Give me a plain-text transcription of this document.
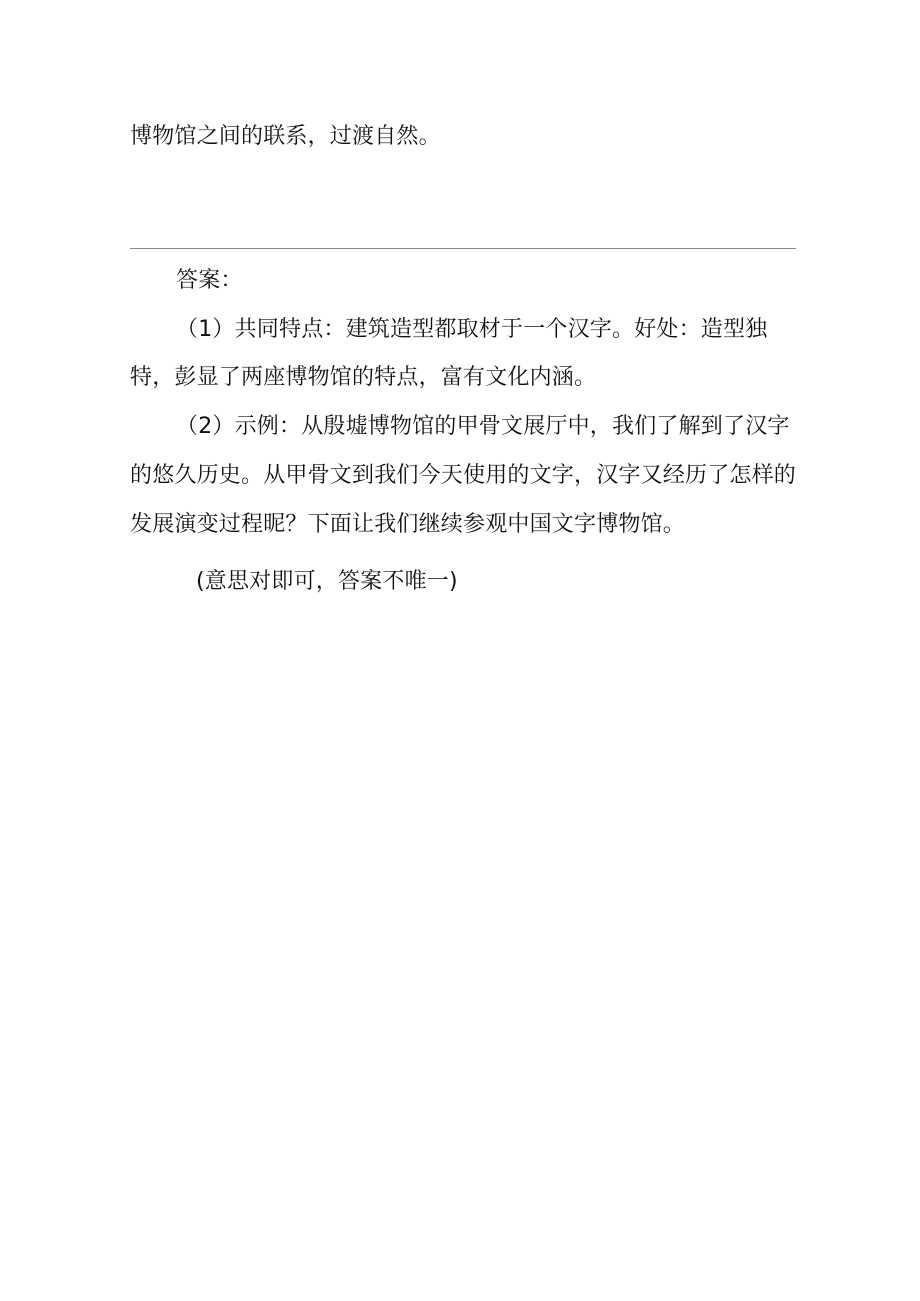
博物馆之间的联系，过渡自然。
答案：
（1）共同特点：建筑造型都取材于一个汉字。好处：造型独
特，彭显了两座博物馆的特点，富有文化内涵。
（2）示例：从殷墟博物馆的甲骨文展厅中，我们了解到了汉字
的悠久历史。从甲骨文到我们今天使用的文字，汉字又经历了怎样的
发展演变过程昵？下面让我们继续参观中国文字博物馆。
(意思对即可，答案不唯一)
